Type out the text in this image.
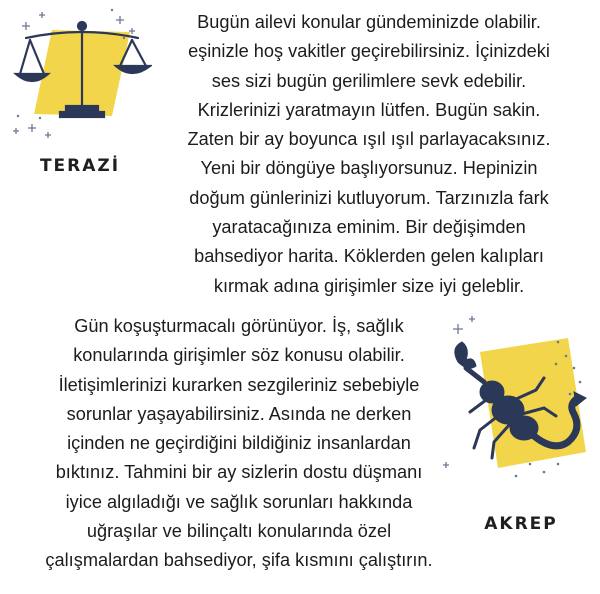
TERAZİ

Bugün ailevi konular gündeminizde olabilir.

eşinizle hoş vakitler geçirebilirsiniz. İçinizdeki

ses sizi bugün gerilimlere sevk edebilir.

Krizlerinizi yaratmayın lütfen. Bugün sakin.

Zaten bir ay boyunca ışıl ışıl parlayacaksınız.

Yeni bir döngüye başlıyorsunuz. Hepinizin

doğum günlerinizi kutluyorum. Tarzınızla fark

yaratacağınıza eminim. Bir değişimden

bahsediyor harita. Köklerden gelen kalıpları

kırmak adına girişimler size iyi geleblir.

Gün koşuşturmacalı görünüyor. İş, sağlık

konularında girişimler söz konusu olabilir.

İletişimlerinizi kurarken sezgileriniz sebebiyle

sorunlar yaşayabilirsiniz. Asında ne derken

içinden ne geçirdiğini bildiğiniz insanlardan

bıktınız. Tahmini bir ay sizlerin dostu düşmanı

iyice algıladığı ve sağlık sorunları hakkında

uğraşılar ve bilinçaltı konularında özel

çalışmalardan bahsediyor, şifa kısmını çalıştırın.

AKREP
